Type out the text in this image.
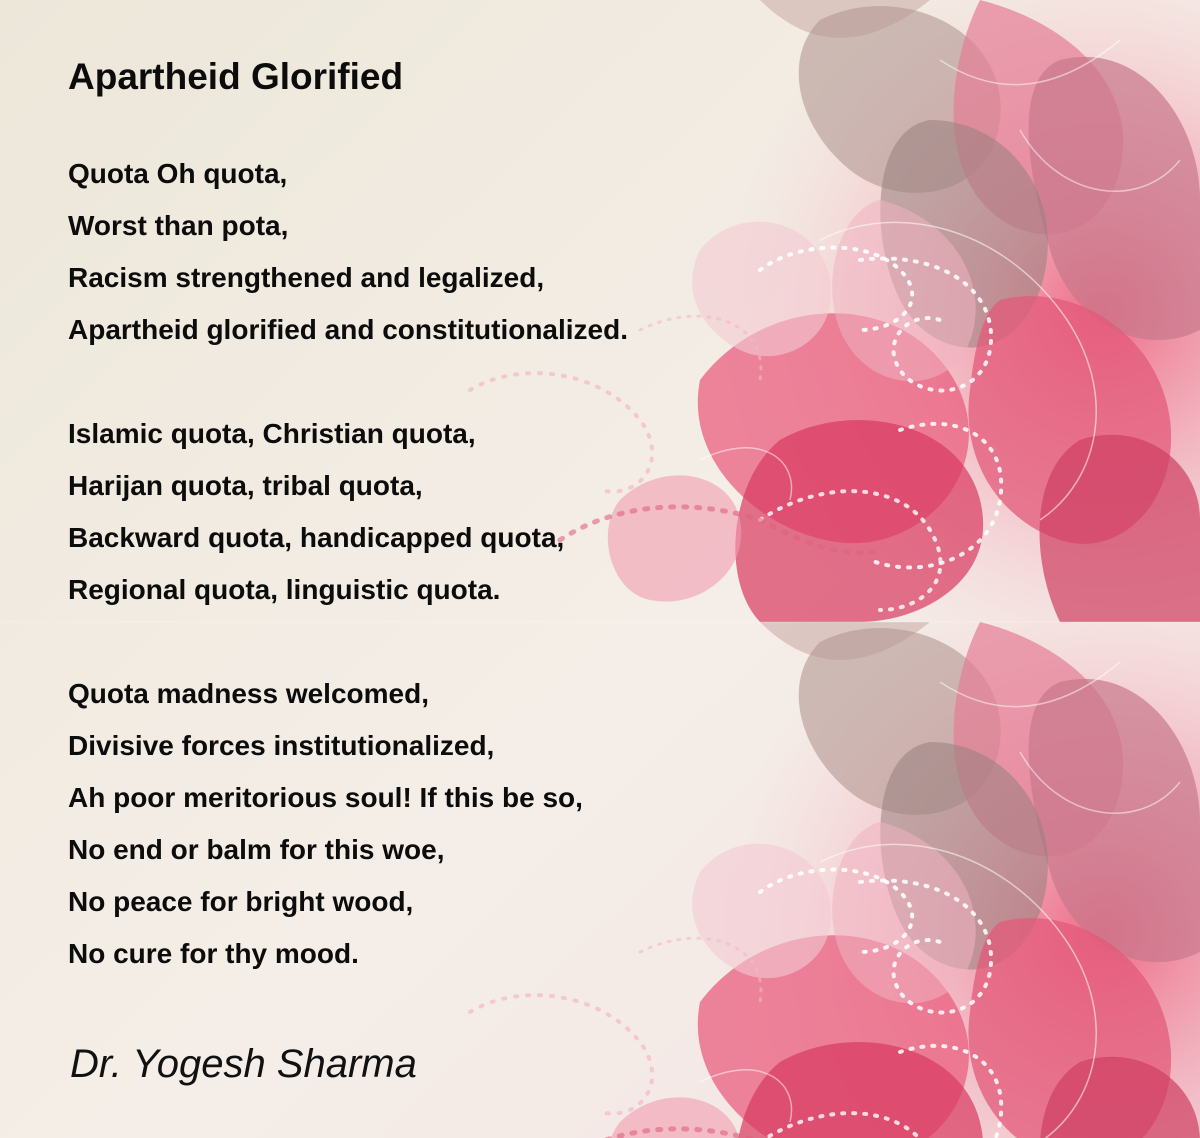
Apartheid Glorified
Quota Oh quota,
Worst than pota,
Racism strengthened and legalized,
Apartheid glorified and constitutionalized.
Islamic quota, Christian quota,
Harijan quota, tribal quota,
Backward quota, handicapped quota,
Regional quota, linguistic quota.
Quota madness welcomed,
Divisive forces institutionalized,
Ah poor meritorious soul! If this be so,
No end or balm for this woe,
No peace for bright wood,
No cure for thy mood.

Dr. Yogesh Sharma
